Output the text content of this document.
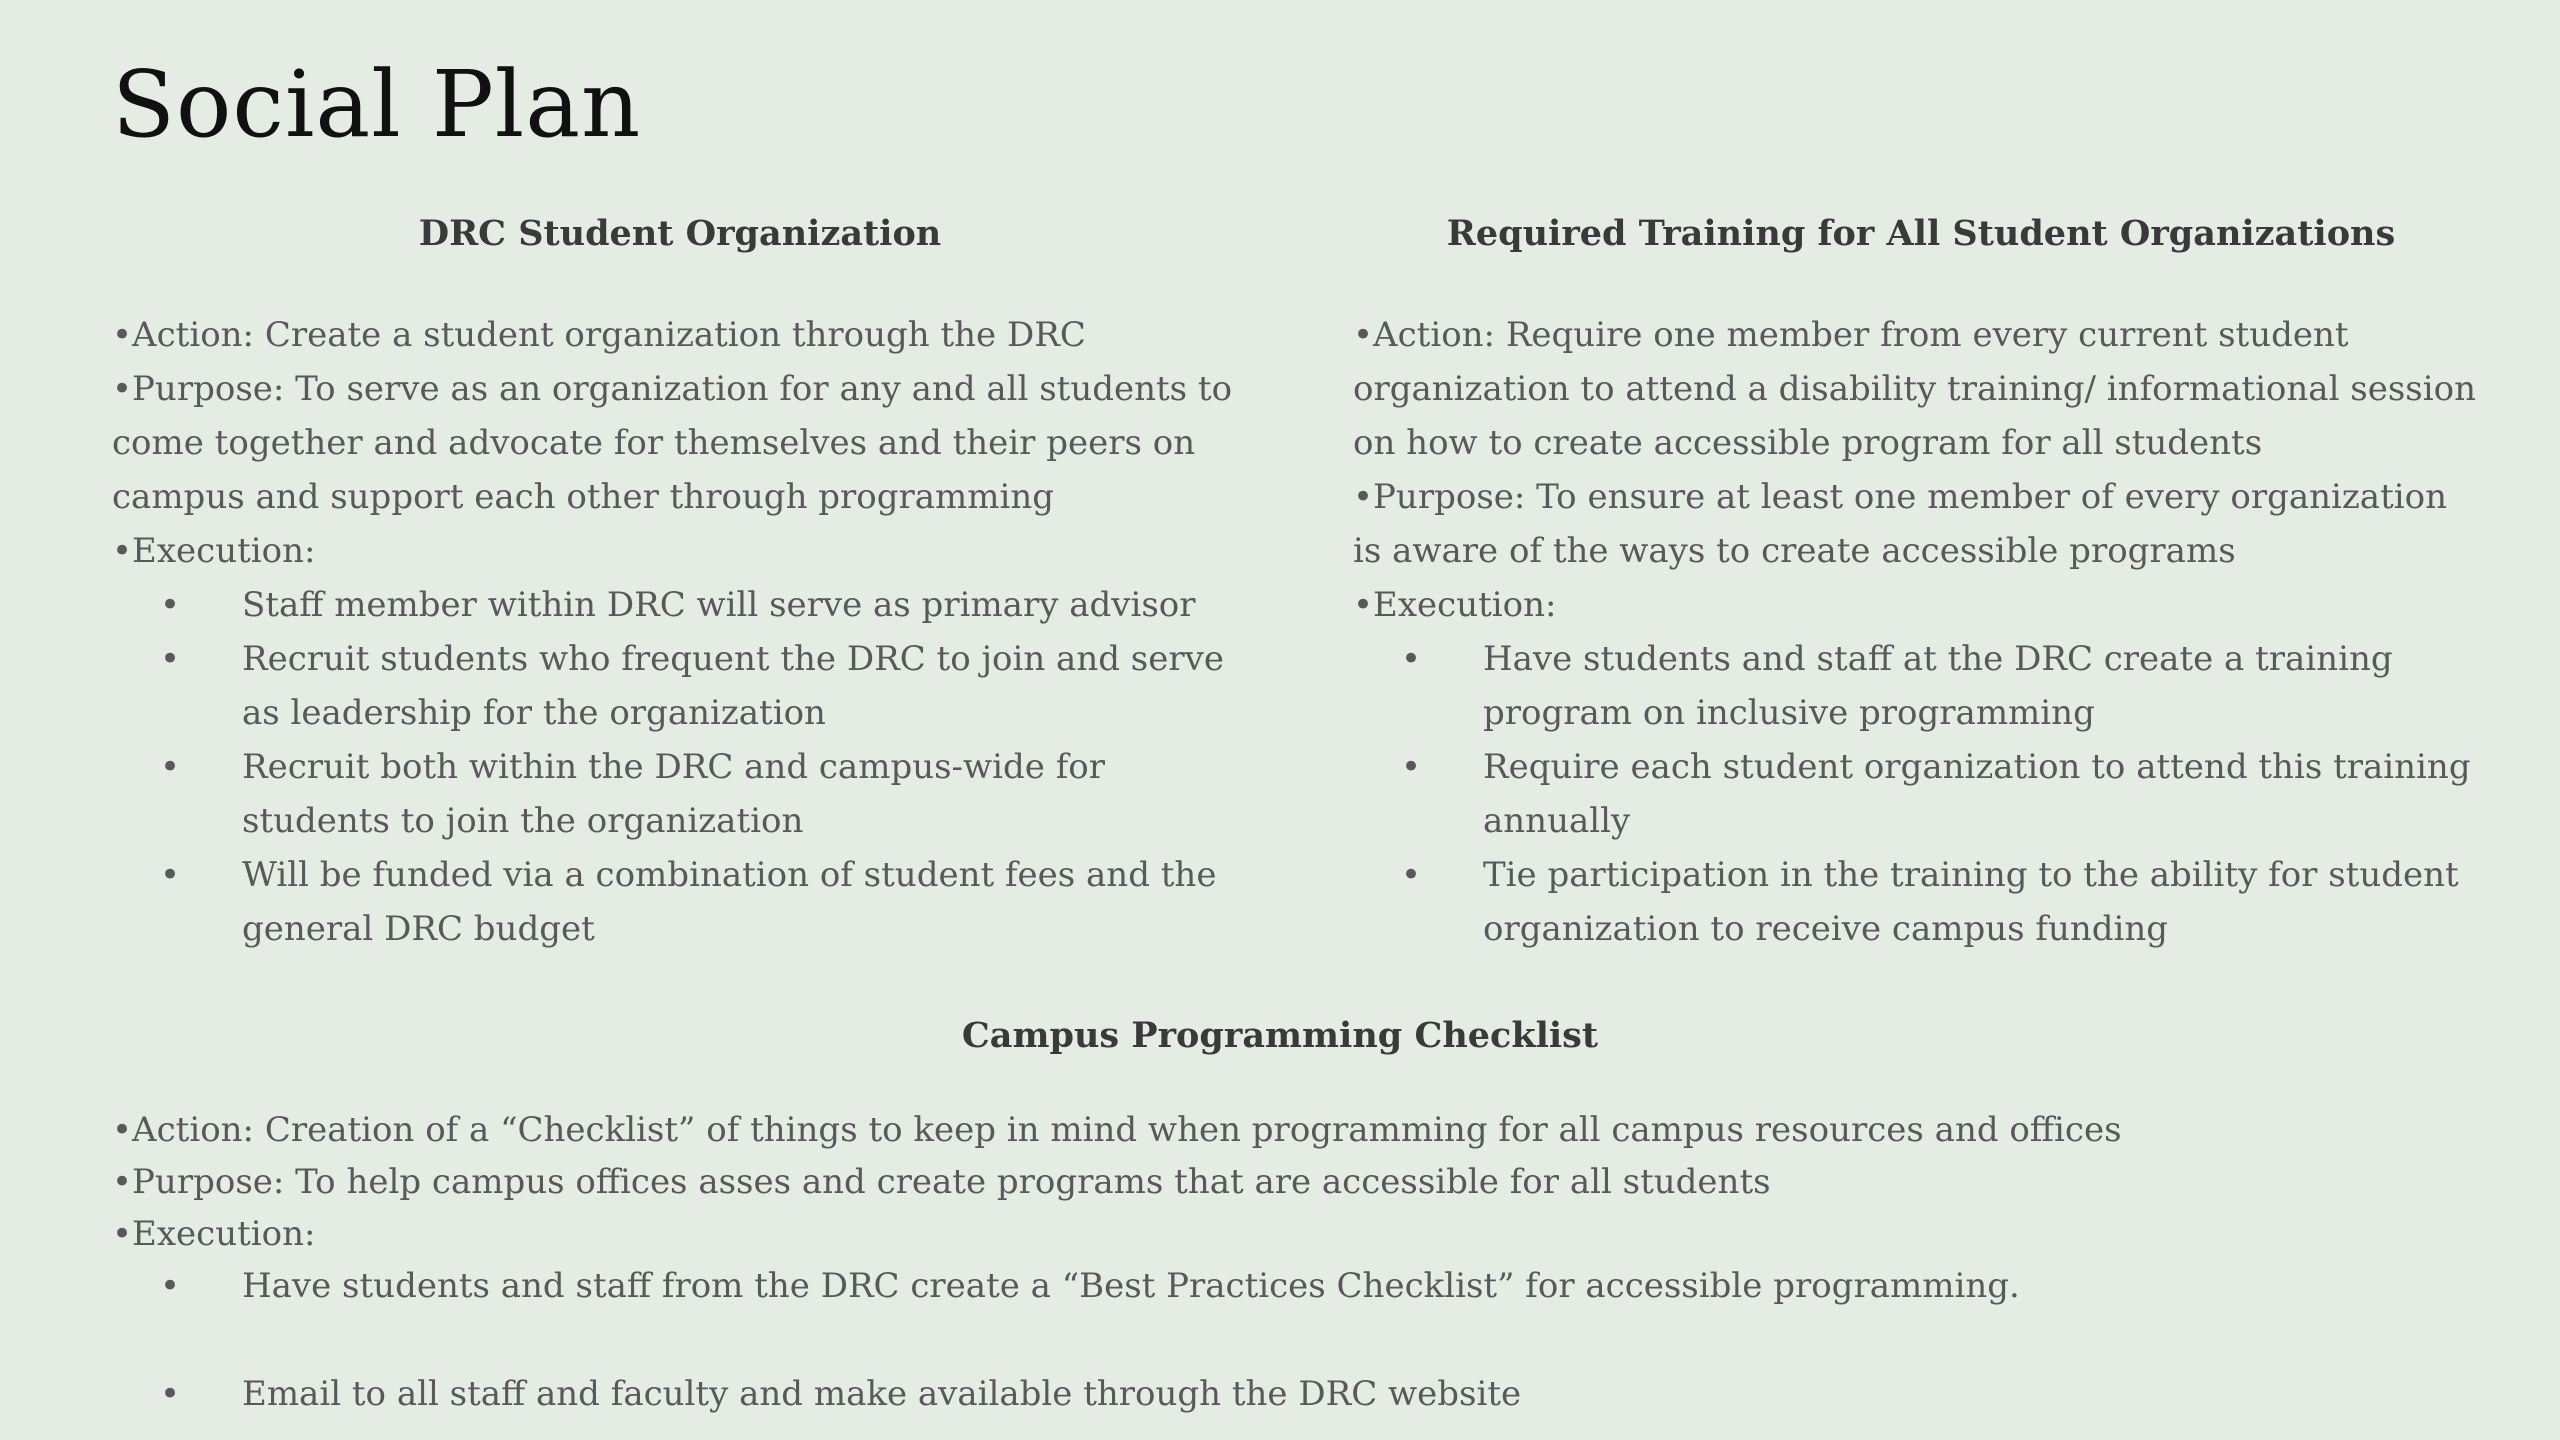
Social Plan
DRC Student Organization

•Action: Create a student organization through the DRC

•Purpose: To serve as an organization for any and all students to come together and advocate for themselves and their peers on campus and support each other through programming

•Execution:

• Staff member within DRC will serve as primary advisor
• Recruit students who frequent the DRC to join and serve as leadership for the organization
• Recruit both within the DRC and campus-wide for students to join the organization
• Will be funded via a combination of student fees and the general DRC budget
Required Training for All Student Organizations

•Action: Require one member from every current student organization to attend a disability training/ informational session on how to create accessible program for all students

•Purpose: To ensure at least one member of every organization is aware of the ways to create accessible programs

•Execution:

• Have students and staff at the DRC create a training program on inclusive programming
• Require each student organization to attend this training annually
• Tie participation in the training to the ability for student organization to receive campus funding
Campus Programming Checklist

•Action: Creation of a “Checklist” of things to keep in mind when programming for all campus resources and offices

•Purpose: To help campus offices asses and create programs that are accessible for all students

•Execution:

• Have students and staff from the DRC create a “Best Practices Checklist” for accessible programming.
• Email to all staff and faculty and make available through the DRC website
